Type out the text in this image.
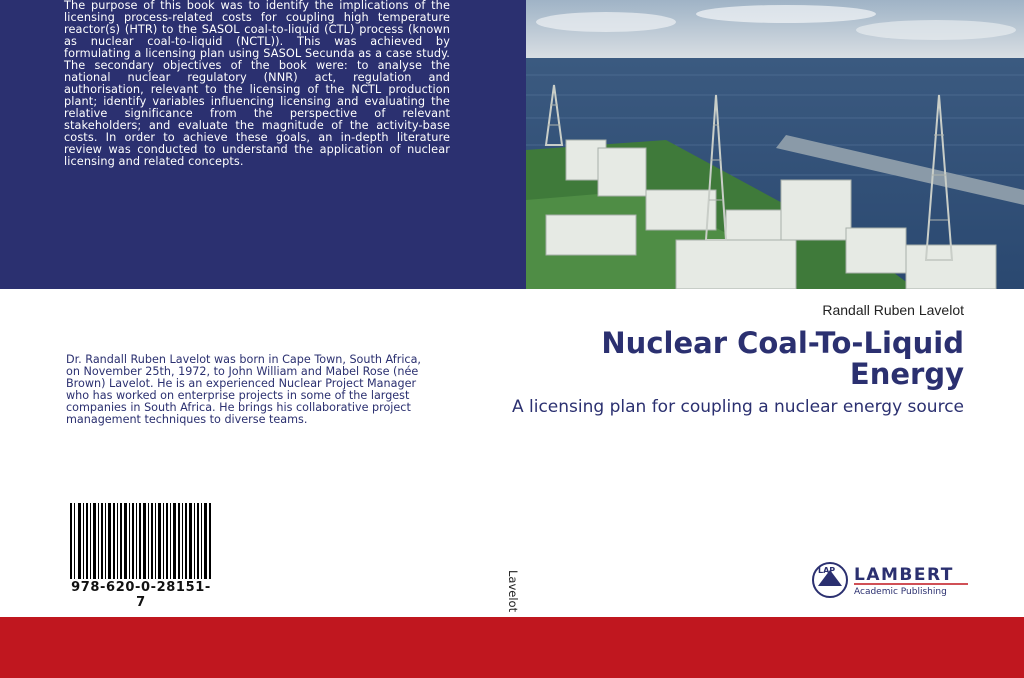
The purpose of this book was to identify the implications of the licensing process-related costs for coupling high temperature reactor(s) (HTR) to the SASOL coal-to-liquid (CTL) process (known as nuclear coal-to-liquid (NCTL)). This was achieved by formulating a licensing plan using SASOL Secunda as a case study. The secondary objectives of the book were: to analyse the national nuclear regulatory (NNR) act, regulation and authorisation, relevant to the licensing of the NCTL production plant; identify variables influencing licensing and evaluating the relative significance from the perspective of relevant stakeholders; and evaluate the magnitude of the activity-base costs. In order to achieve these goals, an in-depth literature review was conducted to understand the application of nuclear licensing and related concepts.
Randall Ruben Lavelot
Nuclear Coal-To-Liquid Energy
A licensing plan for coupling a nuclear energy source
Dr. Randall Ruben Lavelot was born in Cape Town, South Africa, on November 25th, 1972, to John William and Mabel Rose (née Brown) Lavelot. He is an experienced Nuclear Project Manager who has worked on enterprise projects in some of the largest companies in South Africa. He brings his collaborative project management techniques to diverse teams.
978-620-0-28151-7	Lavelot	LAP LAMBERT
Academic Publishing
